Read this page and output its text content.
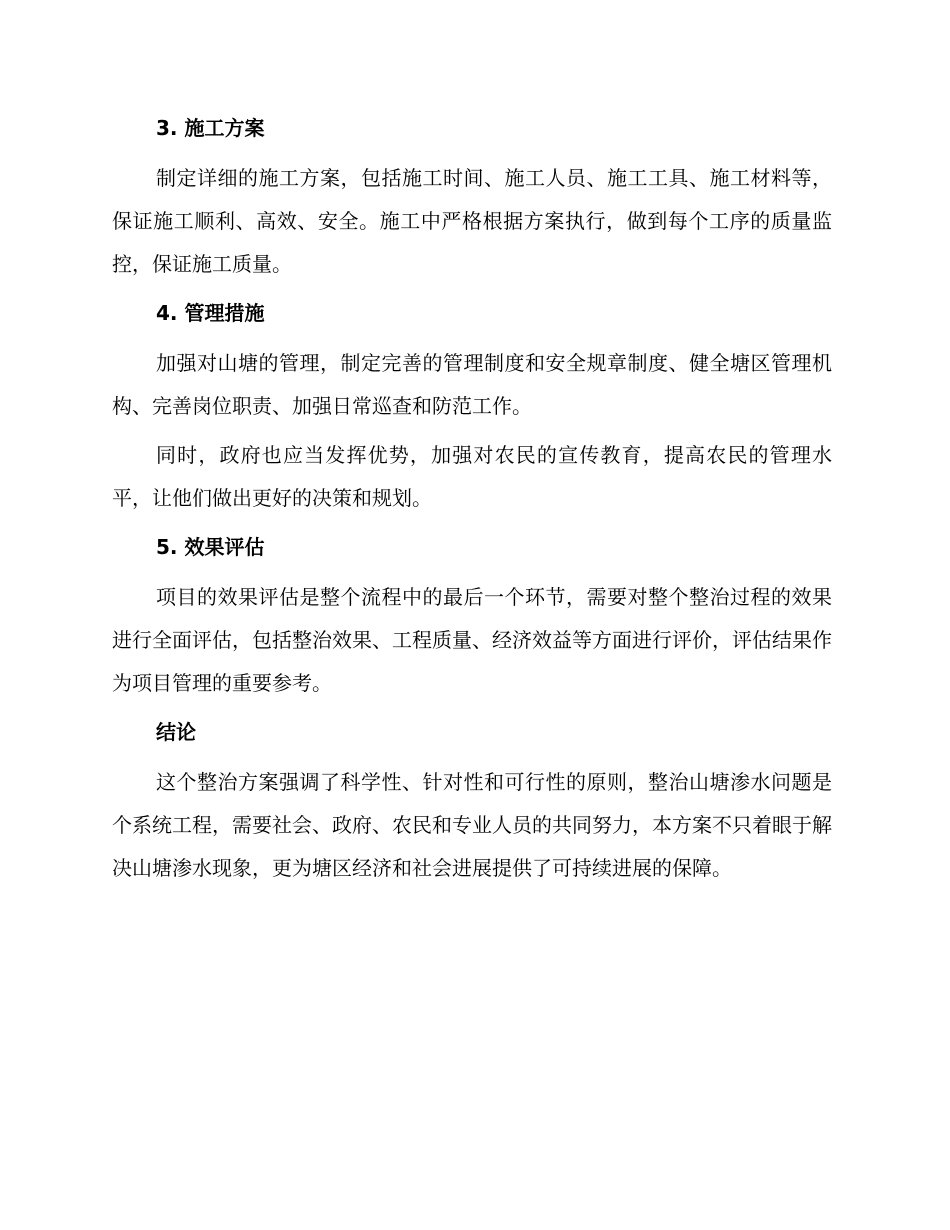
3. 施工方案

制定详细的施工方案，包括施工时间、施工人员、施工工具、施工材料等，保证施工顺利、高效、安全。施工中严格根据方案执行，做到每个工序的质量监控，保证施工质量。

4. 管理措施

加强对山塘的管理，制定完善的管理制度和安全规章制度、健全塘区管理机构、完善岗位职责、加强日常巡查和防范工作。

同时，政府也应当发挥优势，加强对农民的宣传教育，提高农民的管理水平，让他们做出更好的决策和规划。

5. 效果评估

项目的效果评估是整个流程中的最后一个环节，需要对整个整治过程的效果进行全面评估，包括整治效果、工程质量、经济效益等方面进行评价，评估结果作为项目管理的重要参考。

结论

这个整治方案强调了科学性、针对性和可行性的原则，整治山塘渗水问题是个系统工程，需要社会、政府、农民和专业人员的共同努力，本方案不只着眼于解决山塘渗水现象，更为塘区经济和社会进展提供了可持续进展的保障。
